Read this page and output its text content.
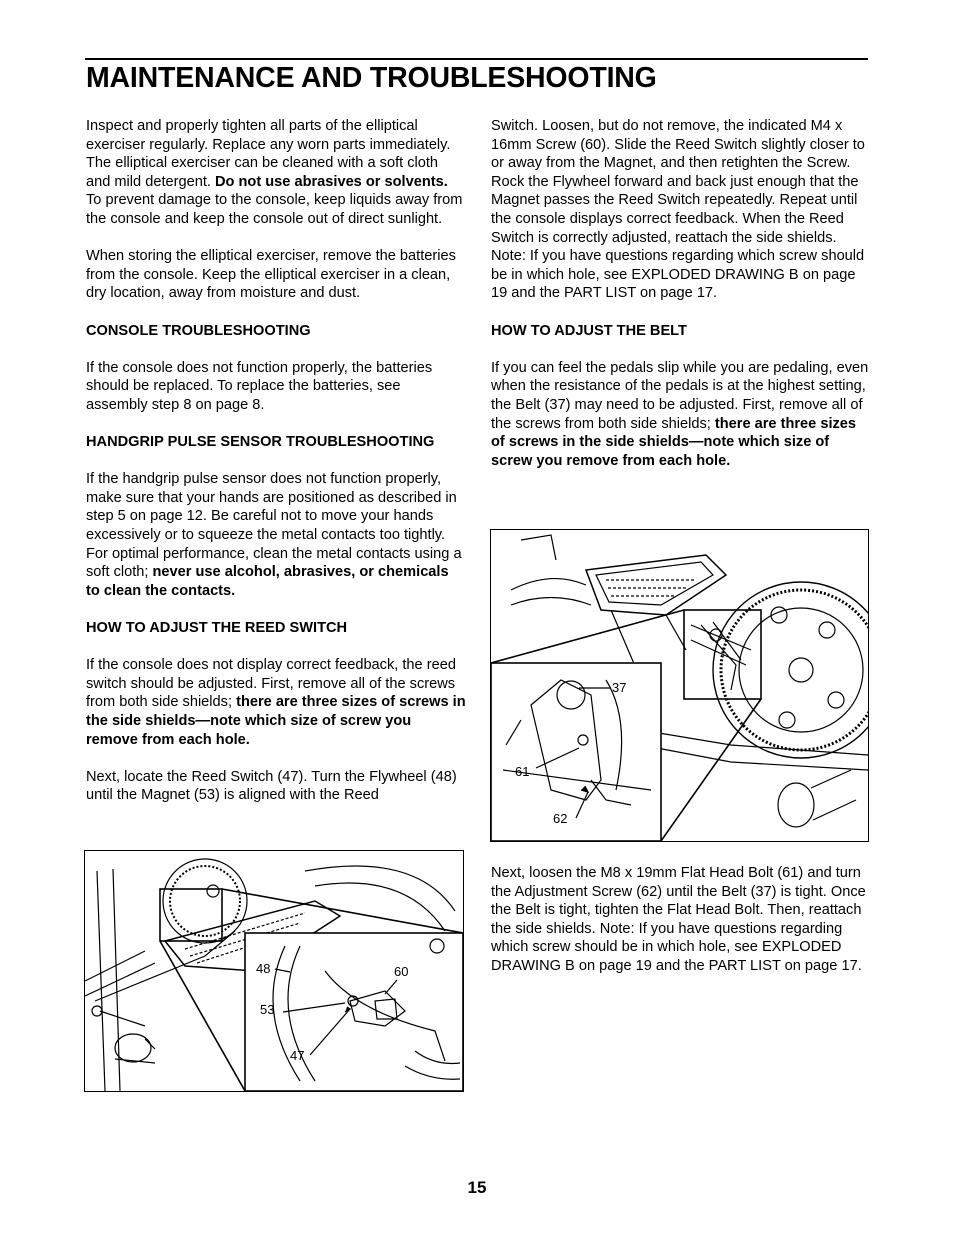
MAINTENANCE AND TROUBLESHOOTING

Inspect and properly tighten all parts of the elliptical exerciser regularly. Replace any worn parts immediately. The elliptical exerciser can be cleaned with a soft cloth and mild detergent. Do not use abrasives or solvents. To prevent damage to the console, keep liquids away from the console and keep the console out of direct sunlight.

When storing the elliptical exerciser, remove the batteries from the console. Keep the elliptical exerciser in a clean, dry location, away from moisture and dust.

CONSOLE TROUBLESHOOTING

If the console does not function properly, the batteries should be replaced. To replace the batteries, see assembly step 8 on page 8.

HANDGRIP PULSE SENSOR TROUBLESHOOTING

If the handgrip pulse sensor does not function properly, make sure that your hands are positioned as described in step 5 on page 12. Be careful not to move your hands excessively or to squeeze the metal contacts too tightly. For optimal performance, clean the metal contacts using a soft cloth; never use alcohol, abrasives, or chemicals to clean the contacts.

HOW TO ADJUST THE REED SWITCH

If the console does not display correct feedback, the reed switch should be adjusted. First, remove all of the screws from both side shields; there are three sizes of screws in the side shields—note which size of screw you remove from each hole.

Next, locate the Reed Switch (47). Turn the Flywheel (48) until the Magnet (53) is aligned with the Reed

Switch. Loosen, but do not remove, the indicated M4 x 16mm Screw (60). Slide the Reed Switch slightly closer to or away from the Magnet, and then retighten the Screw. Rock the Flywheel forward and back just enough that the Magnet passes the Reed Switch repeatedly. Repeat until the console displays correct feedback. When the Reed Switch is correctly adjusted, reattach the side shields. Note: If you have questions regarding which screw should be in which hole, see EXPLODED DRAWING B on page 19 and the PART LIST on page 17.

HOW TO ADJUST THE BELT

If you can feel the pedals slip while you are pedaling, even when the resistance of the pedals is at the highest setting, the Belt (37) may need to be adjusted. First, remove all of the screws from both side shields; there are three sizes of screws in the side shields—note which size of screw you remove from each hole.

Next, loosen the M8 x 19mm Flat Head Bolt (61) and turn the Adjustment Screw (62) until the Belt (37) is tight. Once the Belt is tight, tighten the Flat Head Bolt. Then, reattach the side shields. Note: If you have questions regarding which screw should be in which hole, see EXPLODED DRAWING B on page 19 and the PART LIST on page 17.
37
61
62
48	60
53
47
15
